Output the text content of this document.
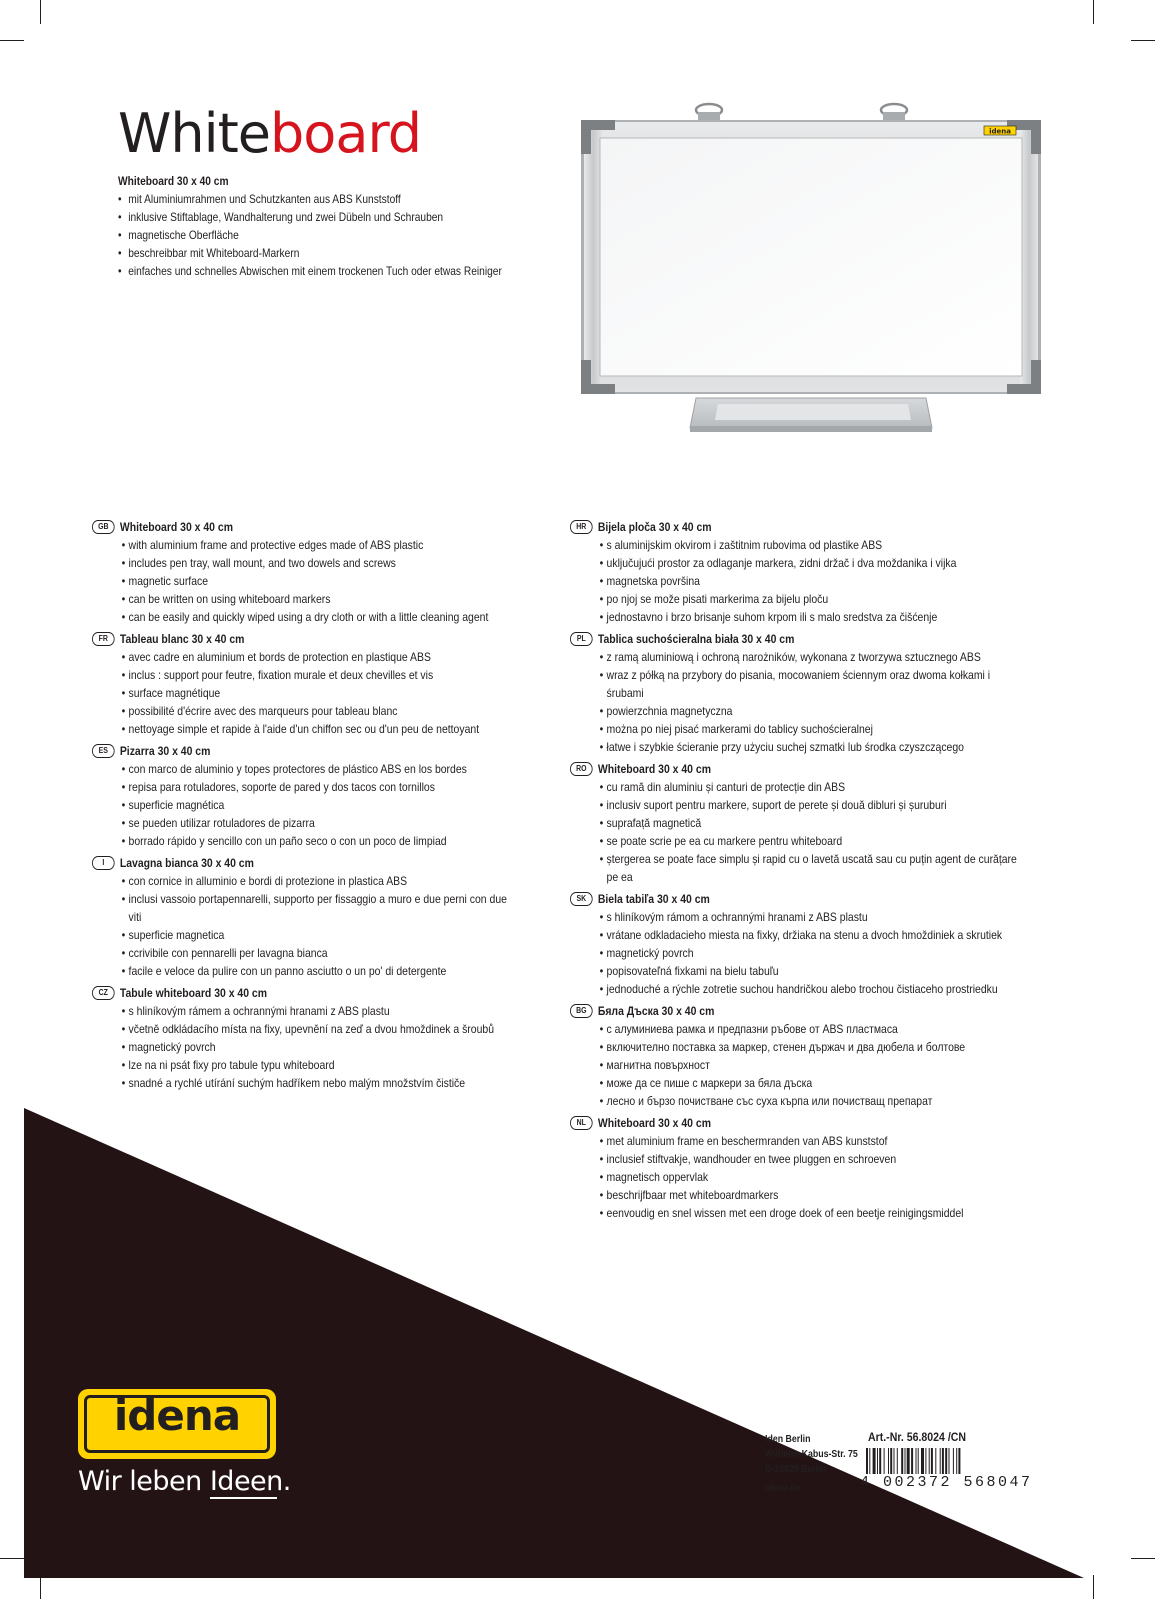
Whiteboard
Whiteboard 30 x 40 cm
• mit Aluminiumrahmen und Schutzkanten aus ABS Kunststoff
• inklusive Stiftablage, Wandhalterung und zwei Dübeln und Schrauben
• magnetische Oberfläche
• beschreibbar mit Whiteboard-Markern
• einfaches und schnelles Abwischen mit einem trockenen Tuch oder etwas Reiniger
idena
GB Whiteboard 30 x 40 cm
• with aluminium frame and protective edges made of ABS plastic
• includes pen tray, wall mount, and two dowels and screws
• magnetic surface
• can be written on using whiteboard markers
• can be easily and quickly wiped using a dry cloth or with a little cleaning agent
FR Tableau blanc 30 x 40 cm
• avec cadre en aluminium et bords de protection en plastique ABS
• inclus : support pour feutre, fixation murale et deux chevilles et vis
• surface magnétique
• possibilité d'écrire avec des marqueurs pour tableau blanc
• nettoyage simple et rapide à l'aide d'un chiffon sec ou d'un peu de nettoyant
ES Pizarra 30 x 40 cm
• con marco de aluminio y topes protectores de plástico ABS en los bordes
• repisa para rotuladores, soporte de pared y dos tacos con tornillos
• superficie magnética
• se pueden utilizar rotuladores de pizarra
• borrado rápido y sencillo con un paño seco o con un poco de limpiad
I Lavagna bianca 30 x 40 cm
• con cornice in alluminio e bordi di protezione in plastica ABS
• inclusi vassoio portapennarelli, supporto per fissaggio a muro e due perni con due viti
• superficie magnetica
• ccrivibile con pennarelli per lavagna bianca
• facile e veloce da pulire con un panno asciutto o un po' di detergente
CZ Tabule whiteboard 30 x 40 cm
• s hliníkovým rámem a ochrannými hranami z ABS plastu
• včetně odkládacího místa na fixy, upevnění na zeď a dvou hmoždinek a šroubů
• magnetický povrch
• lze na ni psát fixy pro tabule typu whiteboard
• snadné a rychlé utírání suchým hadříkem nebo malým množstvím čističe
HR Bijela ploča 30 x 40 cm
• s aluminijskim okvirom i zaštitnim rubovima od plastike ABS
• uključujući prostor za odlaganje markera, zidni držač i dva moždanika i vijka
• magnetska površina
• po njoj se može pisati markerima za bijelu ploču
• jednostavno i brzo brisanje suhom krpom ili s malo sredstva za čišćenje
PL Tablica suchościeralna biała 30 x 40 cm
• z ramą aluminiową i ochroną narożników, wykonana z tworzywa sztucznego ABS
• wraz z półką na przybory do pisania, mocowaniem ściennym oraz dwoma kołkami i śrubami
• powierzchnia magnetyczna
• można po niej pisać markerami do tablicy suchościeralnej
• łatwe i szybkie ścieranie przy użyciu suchej szmatki lub środka czyszczącego
RO Whiteboard 30 x 40 cm
• cu ramă din aluminiu și canturi de protecție din ABS
• inclusiv suport pentru markere, suport de perete și două dibluri și șuruburi
• suprafață magnetică
• se poate scrie pe ea cu markere pentru whiteboard
• ștergerea se poate face simplu și rapid cu o lavetă uscată sau cu puțin agent de curățare pe ea
SK Biela tabiľa 30 x 40 cm
• s hliníkovým rámom a ochrannými hranami z ABS plastu
• vrátane odkladacieho miesta na fixky, držiaka na stenu a dvoch hmoždiniek a skrutiek
• magnetický povrch
• popisovateľná fixkami na bielu tabuľu
• jednoduché a rýchle zotretie suchou handričkou alebo trochou čistiaceho prostriedku
BG Бяла Дъска 30 x 40 cm
• с алуминиева рамка и предпазни ръбове от ABS пластмаса
• включително поставка за маркер, стенен държач и два дюбела и болтове
• магнитна повърхност
• може да се пише с маркери за бяла дъска
• лесно и бързо почистване със суха кърпа или почистващ препарат
NL Whiteboard 30 x 40 cm
• met aluminium frame en beschermranden van ABS kunststof
• inclusief stiftvakje, wandhouder en twee pluggen en schroeven
• magnetisch oppervlak
• beschrijfbaar met whiteboardmarkers
• eenvoudig en snel wissen met een droge doek of een beetje reinigingsmiddel
idena
Wir leben Ideen.
Iden Berlin
Wilhelm-Kabus-Str. 75
D-10829 Berlin
idena.de
Art.-Nr. 56.8024 /CN
4 002372 568047
